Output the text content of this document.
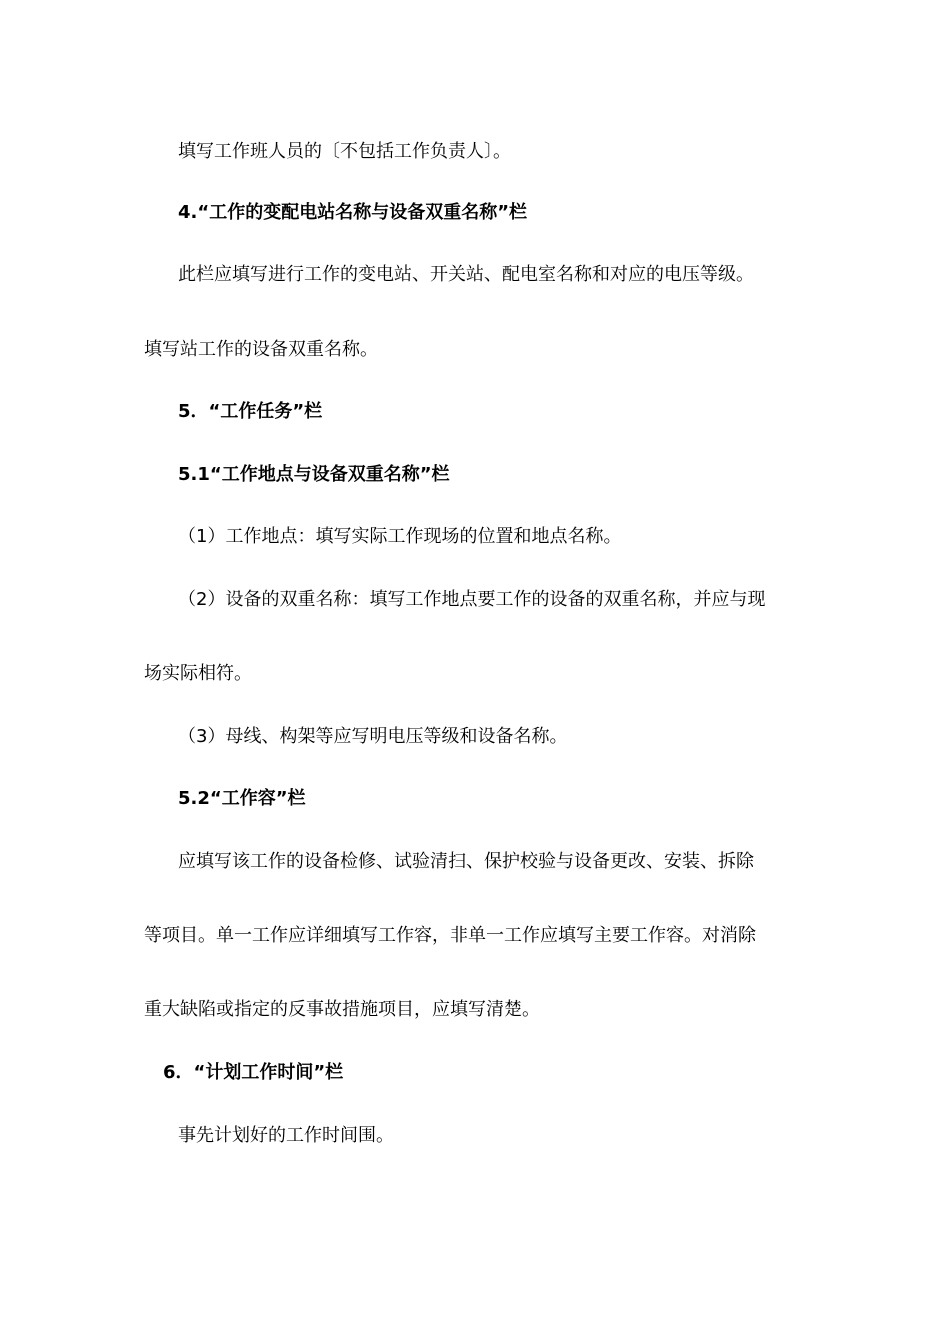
填写工作班人员的〔不包括工作负责人〕。

4.“工作的变配电站名称与设备双重名称”栏

此栏应填写进行工作的变电站、开关站、配电室名称和对应的电压等级。

填写站工作的设备双重名称。

5．“工作任务”栏

5.1“工作地点与设备双重名称”栏

（1）工作地点：填写实际工作现场的位置和地点名称。

（2）设备的双重名称：填写工作地点要工作的设备的双重名称，并应与现

场实际相符。

（3）母线、构架等应写明电压等级和设备名称。

5.2“工作容”栏

应填写该工作的设备检修、试验清扫、保护校验与设备更改、安装、拆除

等项目。单一工作应详细填写工作容，非单一工作应填写主要工作容。对消除

重大缺陷或指定的反事故措施项目，应填写清楚。

6．“计划工作时间”栏

事先计划好的工作时间围。
